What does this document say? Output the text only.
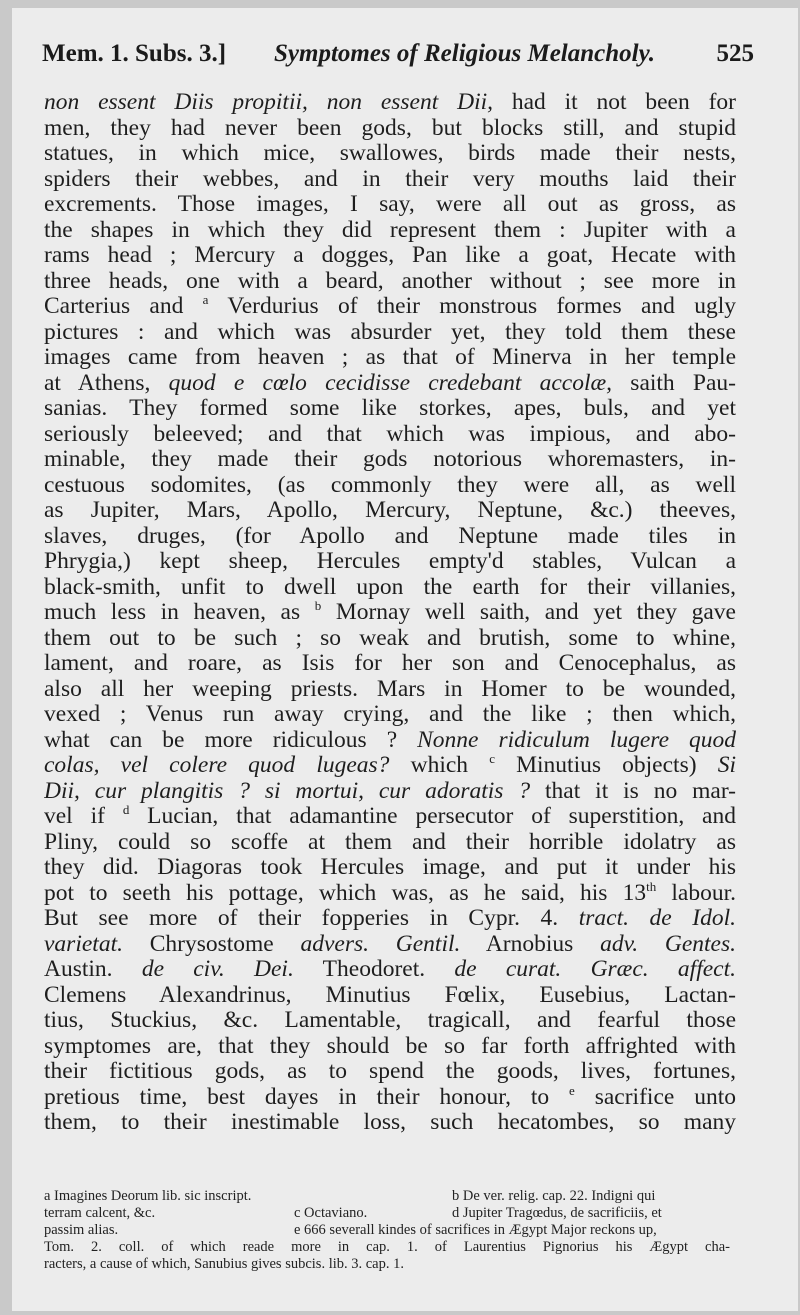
Mem. 1. Subs. 3.] Symptomes of Religious Melancholy. 525
non essent Diis propitii, non essent Dii, had it not been for
men, they had never been gods, but blocks still, and stupid
statues, in which mice, swallowes, birds made their nests,
spiders their webbes, and in their very mouths laid their
excrements. Those images, I say, were all out as gross, as
the shapes in which they did represent them : Jupiter with a
rams head ; Mercury a dogges, Pan like a goat, Hecate with
three heads, one with a beard, another without ; see more in
Carterius and $^a$ Verdurius of their monstrous formes and ugly
pictures : and which was absurder yet, they told them these
images came from heaven ; as that of Minerva in her temple
at Athens, quod e cœlo cecidisse credebant accolæ, saith Pau-
sanias. They formed some like storkes, apes, buls, and yet
seriously beleeved; and that which was impious, and abo-
minable, they made their gods notorious whoremasters, in-
cestuous sodomites, (as commonly they were all, as well
as Jupiter, Mars, Apollo, Mercury, Neptune, &c.) theeves,
slaves, druges, (for Apollo and Neptune made tiles in
Phrygia,) kept sheep, Hercules empty'd stables, Vulcan a
black-smith, unfit to dwell upon the earth for their villanies,
much less in heaven, as $^b$ Mornay well saith, and yet they gave
them out to be such ; so weak and brutish, some to whine,
lament, and roare, as Isis for her son and Cenocephalus, as
also all her weeping priests. Mars in Homer to be wounded,
vexed ; Venus run away crying, and the like ; then which,
what can be more ridiculous ? Nonne ridiculum lugere quod
colas, vel colere quod lugeas? which $^c$ Minutius objects) Si
Dii, cur plangitis ? si mortui, cur adoratis ? that it is no mar-
vel if $^d$ Lucian, that adamantine persecutor of superstition, and
Pliny, could so scoffe at them and their horrible idolatry as
they did. Diagoras took Hercules image, and put it under his
pot to seeth his pottage, which was, as he said, his 13th labour.
But see more of their fopperies in Cypr. 4. tract. de Idol.
varietat. Chrysostome advers. Gentil. Arnobius adv. Gentes.
Austin. de civ. Dei. Theodoret. de curat. Græc. affect.
Clemens Alexandrinus, Minutius Fœlix, Eusebius, Lactan-
tius, Stuckius, &c. Lamentable, tragicall, and fearful those
symptomes are, that they should be so far forth affrighted with
their fictitious gods, as to spend the goods, lives, fortunes,
pretious time, best dayes in their honour, to $^e$ sacrifice unto
them, to their inestimable loss, such hecatombes, so many
a Imagines Deorum lib. sic inscript.	b De ver. relig. cap. 22. Indigni qui
terram calcent, &c.	c Octaviano.	d Jupiter Tragœdus, de sacrificiis, et
passim alias.	e 666 severall kindes of sacrifices in Ægypt Major reckons up,
Tom. 2. coll. of which reade more in cap. 1. of Laurentius Pignorius his Ægypt cha-
racters, a cause of which, Sanubius gives subcis. lib. 3. cap. 1.
